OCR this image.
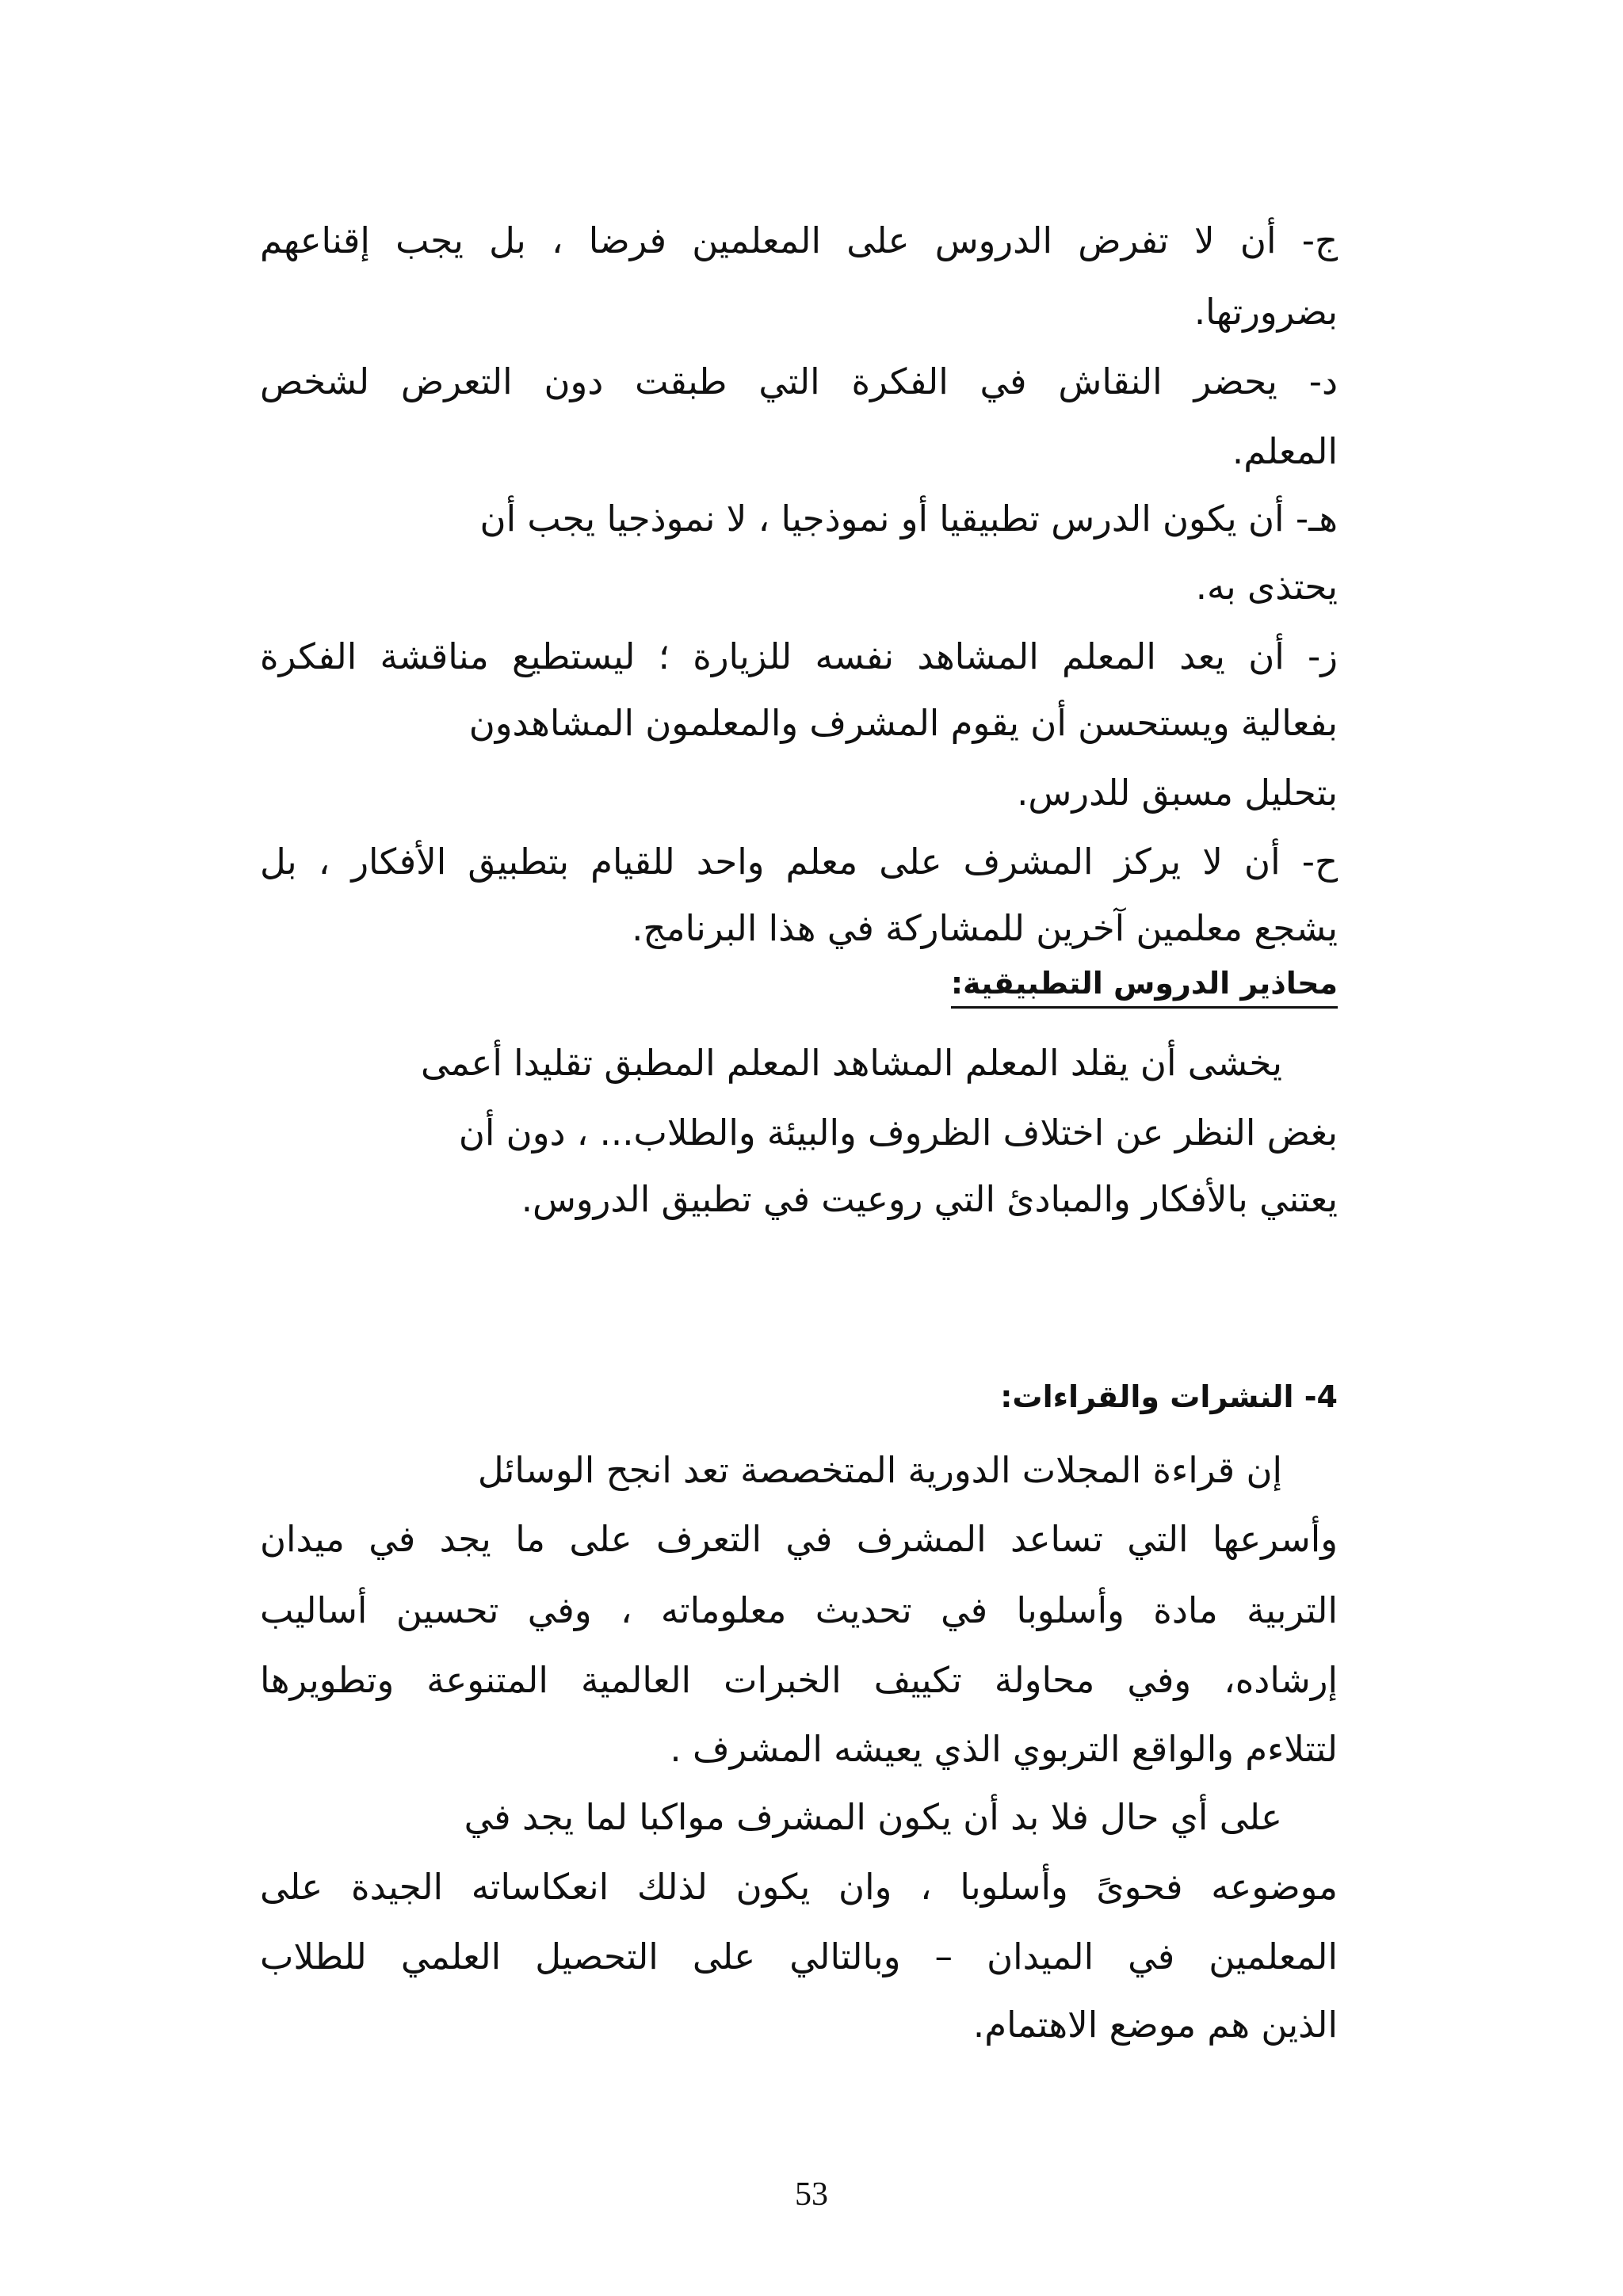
ج- أن لا تفرض الدروس على المعلمين فرضا ، بل يجب إقناعهم
بضرورتها.
د- يحضر النقاش في الفكرة التي طبقت دون التعرض لشخص
المعلم.
هـ- أن يكون الدرس تطبيقيا أو نموذجيا ، لا نموذجيا يجب أن
يحتذى به.
ز- أن يعد المعلم المشاهد نفسه للزيارة ؛ ليستطيع مناقشة الفكرة
بفعالية ويستحسن أن يقوم المشرف والمعلمون المشاهدون
بتحليل مسبق للدرس.
ح- أن لا يركز المشرف على معلم واحد للقيام بتطبيق الأفكار ، بل
يشجع معلمين آخرين للمشاركة في هذا البرنامج.
محاذير الدروس التطبيقية:
يخشى أن يقلد المعلم المشاهد المعلم المطبق تقليدا أعمى
بغض النظر عن اختلاف الظروف والبيئة والطلاب... ، دون أن
يعتني بالأفكار والمبادئ التي روعيت في تطبيق الدروس.
4- النشرات والقراءات:
إن قراءة المجلات الدورية المتخصصة تعد انجح الوسائل
وأسرعها التي تساعد المشرف في التعرف على ما يجد في ميدان
التربية مادة وأسلوبا في تحديث معلوماته ، وفي تحسين أساليب
إرشاده، وفي محاولة تكييف الخبرات العالمية المتنوعة وتطويرها
لتتلاءم والواقع التربوي الذي يعيشه المشرف .
على أي حال فلا بد أن يكون المشرف مواكبا لما يجد في
موضوعه فحوىً وأسلوبا ، وان يكون لذلك انعكاساته الجيدة على
المعلمين في الميدان – وبالتالي على التحصيل العلمي للطلاب
الذين هم موضع الاهتمام.
53
